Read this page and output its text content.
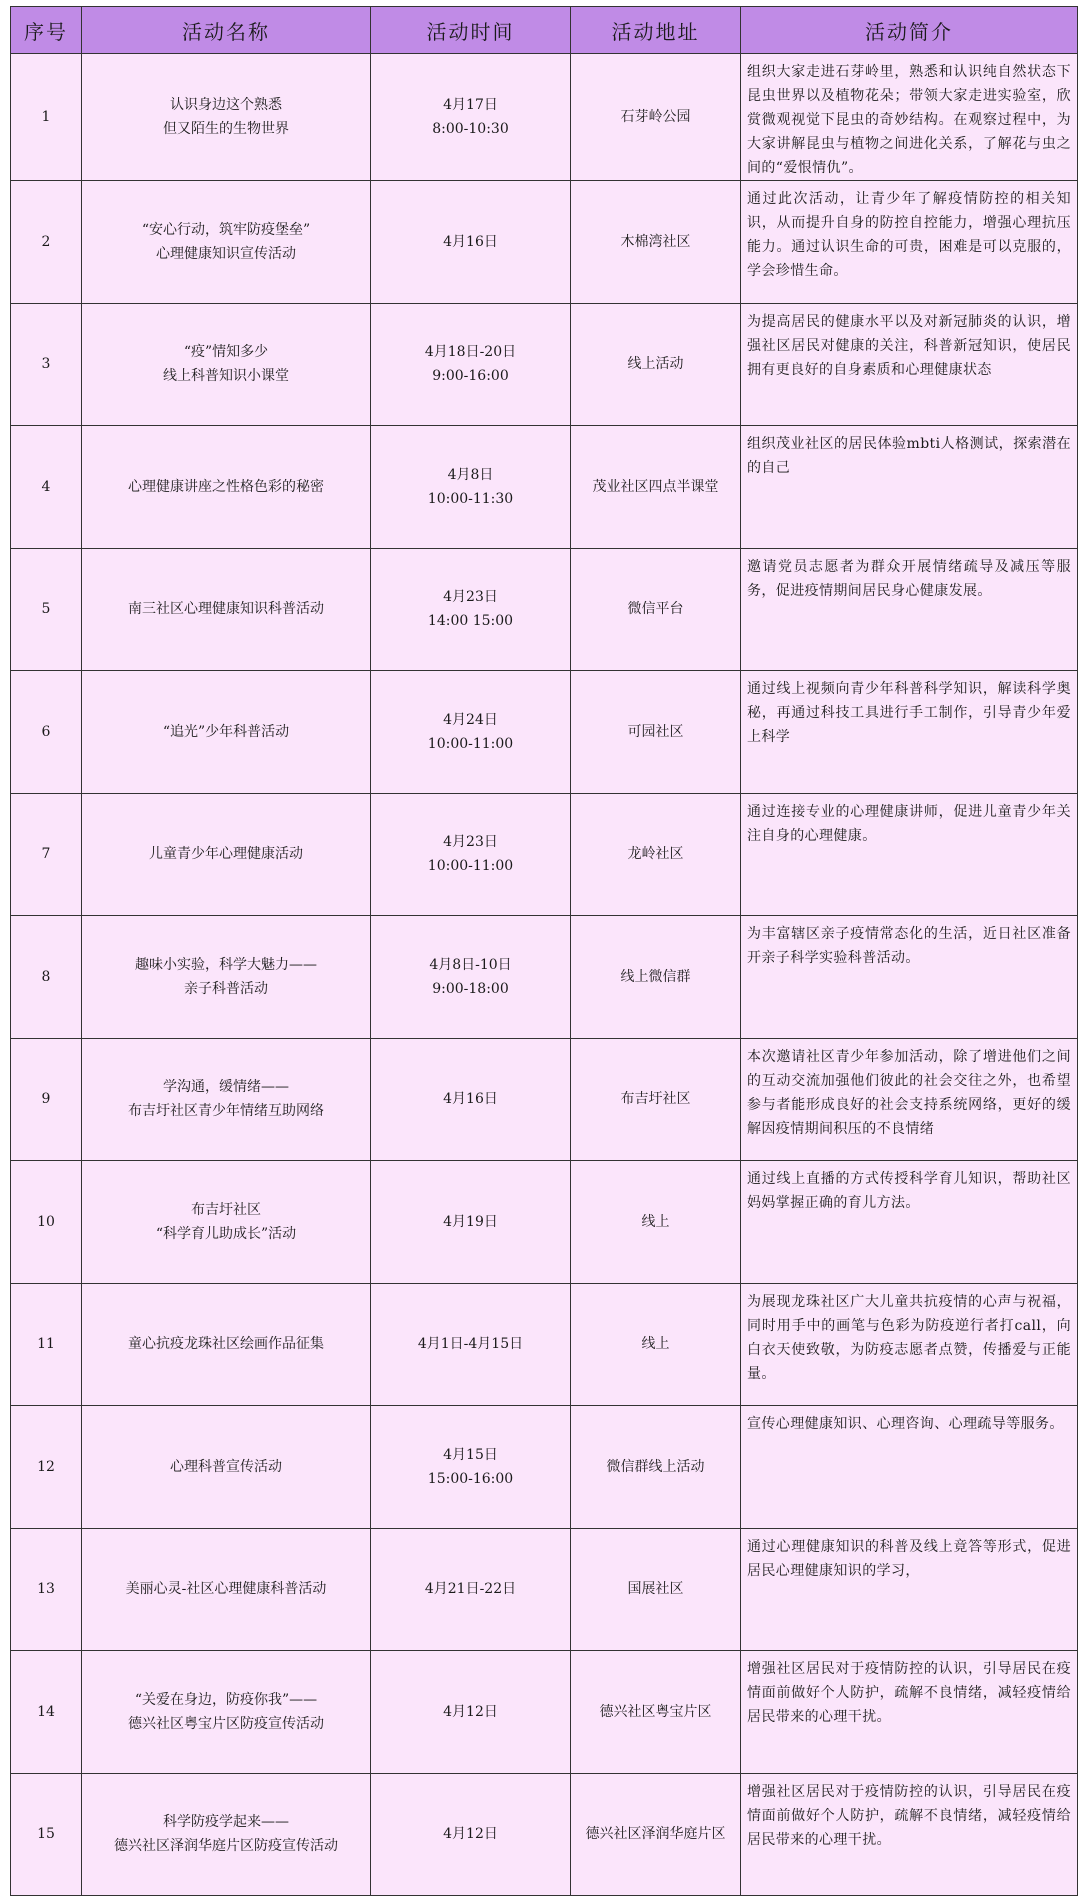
序号	活动名称	活动时间	活动地址	活动简介
1	认识身边这个熟悉
但又陌生的生物世界	4月17日
8:00-10:30	石芽岭公园	组织大家走进石芽岭里，熟悉和认识纯自然状态下昆虫世界以及植物花朵；带领大家走进实验室，欣赏微观视觉下昆虫的奇妙结构。在观察过程中，为大家讲解昆虫与植物之间进化关系，了解花与虫之间的“爱恨情仇”。
2	“安心行动，筑牢防疫堡垒”
心理健康知识宣传活动	4月16日	木棉湾社区	通过此次活动，让青少年了解疫情防控的相关知识，从而提升自身的防控自控能力，增强心理抗压能力。通过认识生命的可贵，困难是可以克服的，学会珍惜生命。
3	“疫”情知多少
线上科普知识小课堂	4月18日-20日
9:00-16:00	线上活动	为提高居民的健康水平以及对新冠肺炎的认识，增强社区居民对健康的关注，科普新冠知识，使居民拥有更良好的自身素质和心理健康状态
4	心理健康讲座之性格色彩的秘密	4月8日
10:00-11:30	茂业社区四点半课堂	组织茂业社区的居民体验mbti人格测试，探索潜在的自己
5	南三社区心理健康知识科普活动	4月23日
14:00 15:00	微信平台	邀请党员志愿者为群众开展情绪疏导及减压等服务，促进疫情期间居民身心健康发展。
6	“追光”少年科普活动	4月24日
10:00-11:00	可园社区	通过线上视频向青少年科普科学知识，解读科学奥秘，再通过科技工具进行手工制作，引导青少年爱上科学
7	儿童青少年心理健康活动	4月23日
10:00-11:00	龙岭社区	通过连接专业的心理健康讲师，促进儿童青少年关注自身的心理健康。
8	趣味小实验，科学大魅力——
亲子科普活动	4月8日-10日
9:00-18:00	线上微信群	为丰富辖区亲子疫情常态化的生活，近日社区准备开亲子科学实验科普活动。
9	学沟通，缓情绪——
布吉圩社区青少年情绪互助网络	4月16日	布吉圩社区	本次邀请社区青少年参加活动，除了增进他们之间的互动交流加强他们彼此的社会交往之外，也希望参与者能形成良好的社会支持系统网络，更好的缓解因疫情期间积压的不良情绪
10	布吉圩社区
“科学育儿助成长”活动	4月19日	线上	通过线上直播的方式传授科学育儿知识，帮助社区妈妈掌握正确的育儿方法。
11	童心抗疫龙珠社区绘画作品征集	4月1日-4月15日	线上	为展现龙珠社区广大儿童共抗疫情的心声与祝福，同时用手中的画笔与色彩为防疫逆行者打call，向白衣天使致敬，为防疫志愿者点赞，传播爱与正能量。
12	心理科普宣传活动	4月15日
15:00-16:00	微信群线上活动	宣传心理健康知识、心理咨询、心理疏导等服务。
13	美丽心灵-社区心理健康科普活动	4月21日-22日	国展社区	通过心理健康知识的科普及线上竟答等形式，促进居民心理健康知识的学习，
14	“关爱在身边，防疫你我”——
德兴社区粤宝片区防疫宣传活动	4月12日	德兴社区粤宝片区	增强社区居民对于疫情防控的认识，引导居民在疫情面前做好个人防护，疏解不良情绪，减轻疫情给居民带来的心理干扰。
15	科学防疫学起来——
德兴社区泽润华庭片区防疫宣传活动	4月12日	德兴社区泽润华庭片区	增强社区居民对于疫情防控的认识，引导居民在疫情面前做好个人防护，疏解不良情绪，减轻疫情给居民带来的心理干扰。
